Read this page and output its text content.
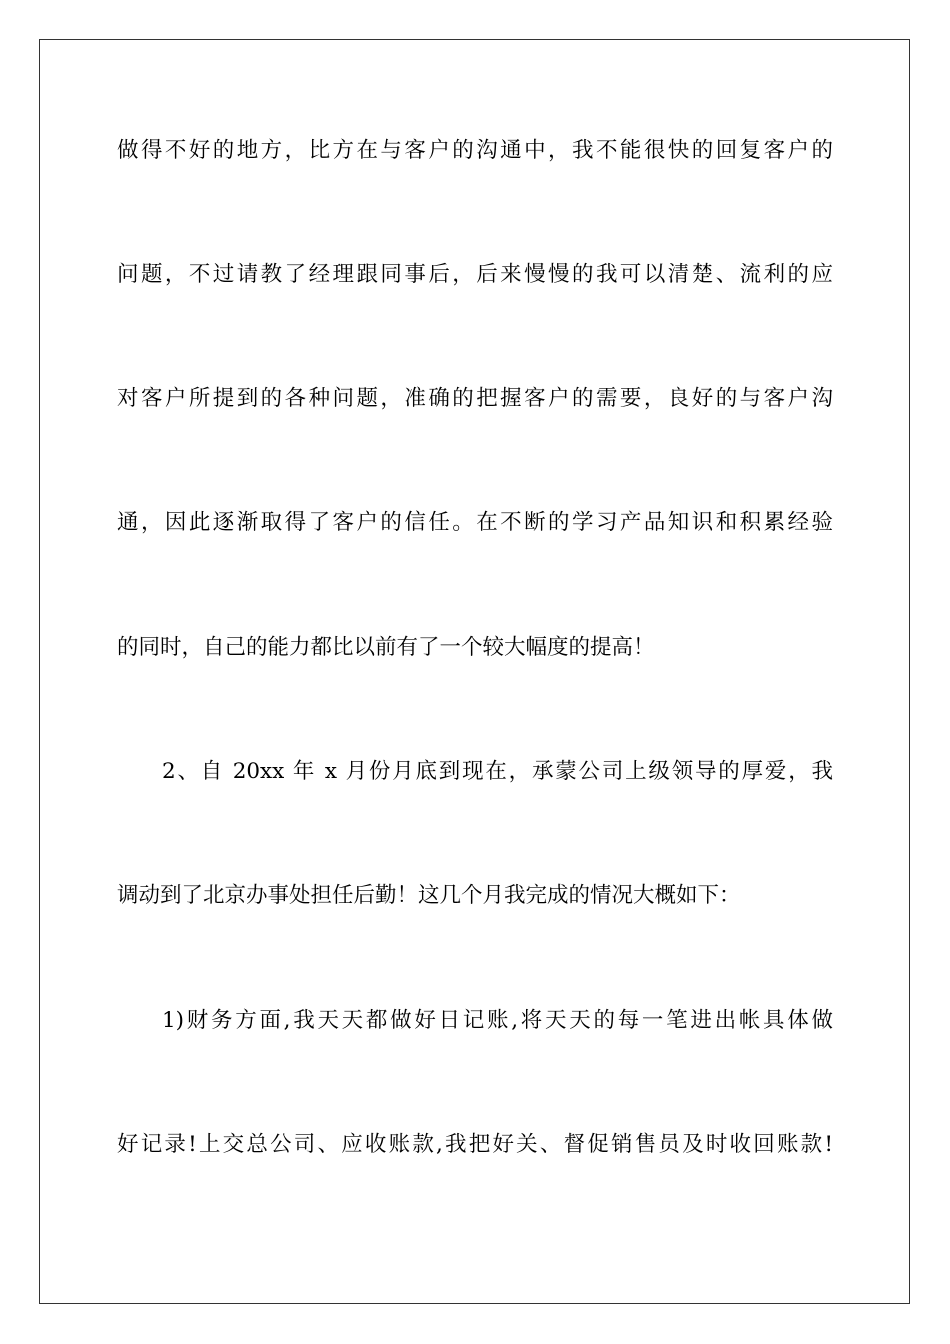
做得不好的地方，比方在与客户的沟通中，我不能很快的回复客户的
问题，不过请教了经理跟同事后，后来慢慢的我可以清楚、流利的应
对客户所提到的各种问题，准确的把握客户的需要，良好的与客户沟
通，因此逐渐取得了客户的信任。在不断的学习产品知识和积累经验
的同时，自己的能力都比以前有了一个较大幅度的提高！
2、自 20xx 年 x 月份月底到现在，承蒙公司上级领导的厚爱，我
调动到了北京办事处担任后勤！这几个月我完成的情况大概如下：
1)财务方面,我天天都做好日记账,将天天的每一笔进出帐具体做
好记录!上交总公司、应收账款,我把好关、督促销售员及时收回账款!
